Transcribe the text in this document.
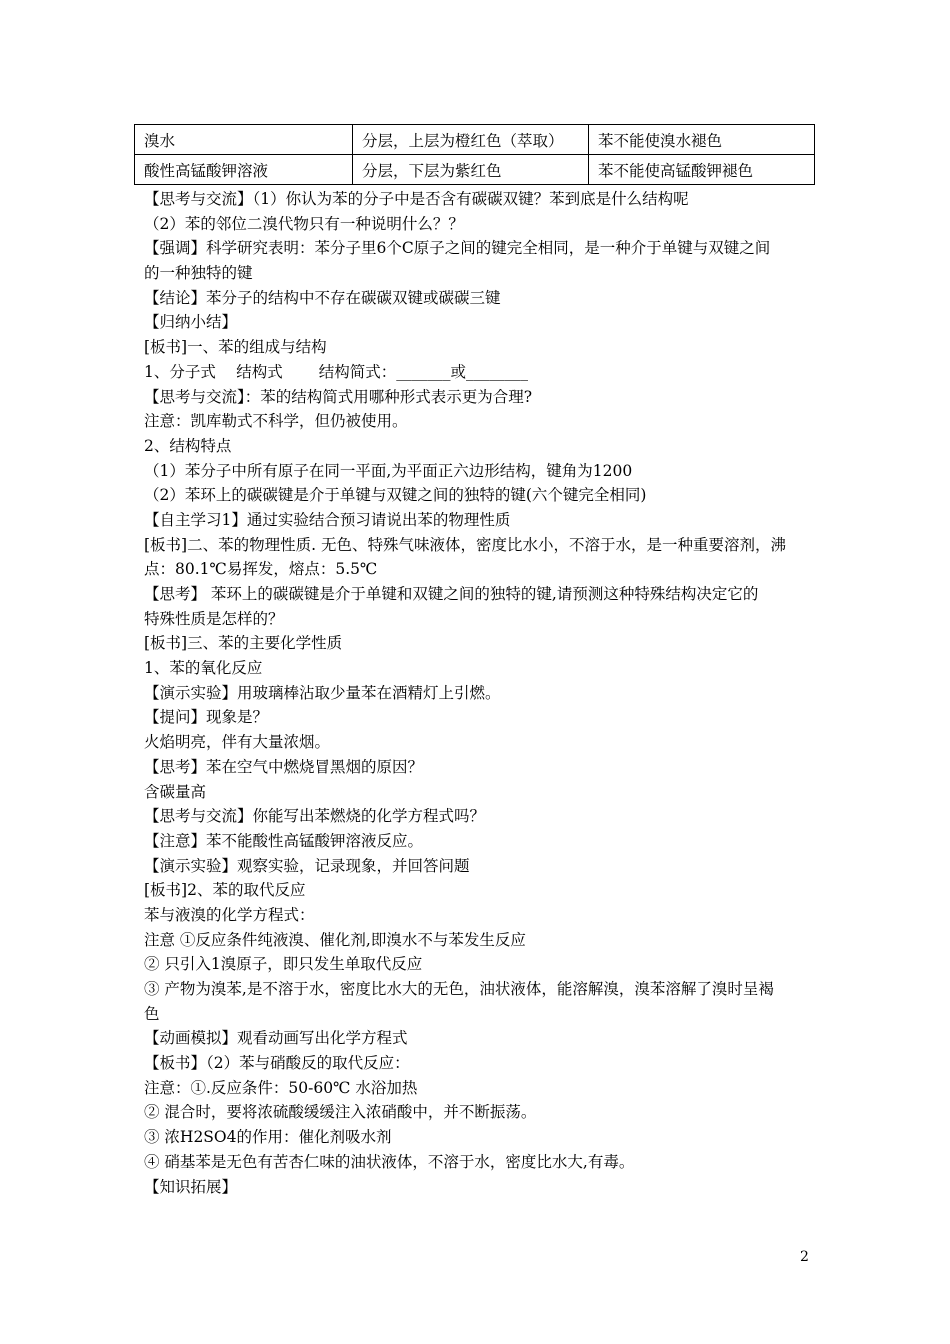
溴水	分层，上层为橙红色（萃取）	苯不能使溴水褪色
酸性高锰酸钾溶液	分层，下层为紫红色	苯不能使高锰酸钾褪色
【思考与交流】（1）你认为苯的分子中是否含有碳碳双键？苯到底是什么结构呢
（2）苯的邻位二溴代物只有一种说明什么？？
【强调】科学研究表明：苯分子里6个C原子之间的键完全相同，是一种介于单键与双键之间
的一种独特的键
【结论】苯分子的结构中不存在碳碳双键或碳碳三键
【归纳小结】
[板书]一、苯的组成与结构
1、分子式　 结构式　　 结构简式：_______或________
【思考与交流】：苯的结构简式用哪种形式表示更为合理?
注意：凯库勒式不科学，但仍被使用。
2、结构特点
（1）苯分子中所有原子在同一平面,为平面正六边形结构，键角为1200
（2）苯环上的碳碳键是介于单键与双键之间的独特的键(六个键完全相同)
【自主学习1】通过实验结合预习请说出苯的物理性质
[板书]二、苯的物理性质. 无色、特殊气味液体，密度比水小，不溶于水，是一种重要溶剂，沸
点：80.1℃易挥发，熔点：5.5℃
【思考】 苯环上的碳碳键是介于单键和双键之间的独特的键,请预测这种特殊结构决定它的
特殊性质是怎样的？
[板书]三、苯的主要化学性质
1、苯的氧化反应
【演示实验】用玻璃棒沾取少量苯在酒精灯上引燃。
【提问】现象是？
火焰明亮，伴有大量浓烟。
【思考】苯在空气中燃烧冒黑烟的原因？
含碳量高
【思考与交流】你能写出苯燃烧的化学方程式吗？
【注意】苯不能酸性高锰酸钾溶液反应。
【演示实验】观察实验，记录现象，并回答问题
[板书]2、苯的取代反应
苯与液溴的化学方程式：
注意 ①反应条件纯液溴、催化剂,即溴水不与苯发生反应
② 只引入1溴原子，即只发生单取代反应
③ 产物为溴苯,是不溶于水，密度比水大的无色，油状液体，能溶解溴，溴苯溶解了溴时呈褐
色
【动画模拟】观看动画写出化学方程式
【板书】（2）苯与硝酸反的取代反应：
注意：①.反应条件：50-60℃ 水浴加热
② 混合时，要将浓硫酸缓缓注入浓硝酸中，并不断振荡。
③ 浓H2SO4的作用：催化剂吸水剂
④ 硝基苯是无色有苦杏仁味的油状液体，不溶于水，密度比水大,有毒。
【知识拓展】
2
